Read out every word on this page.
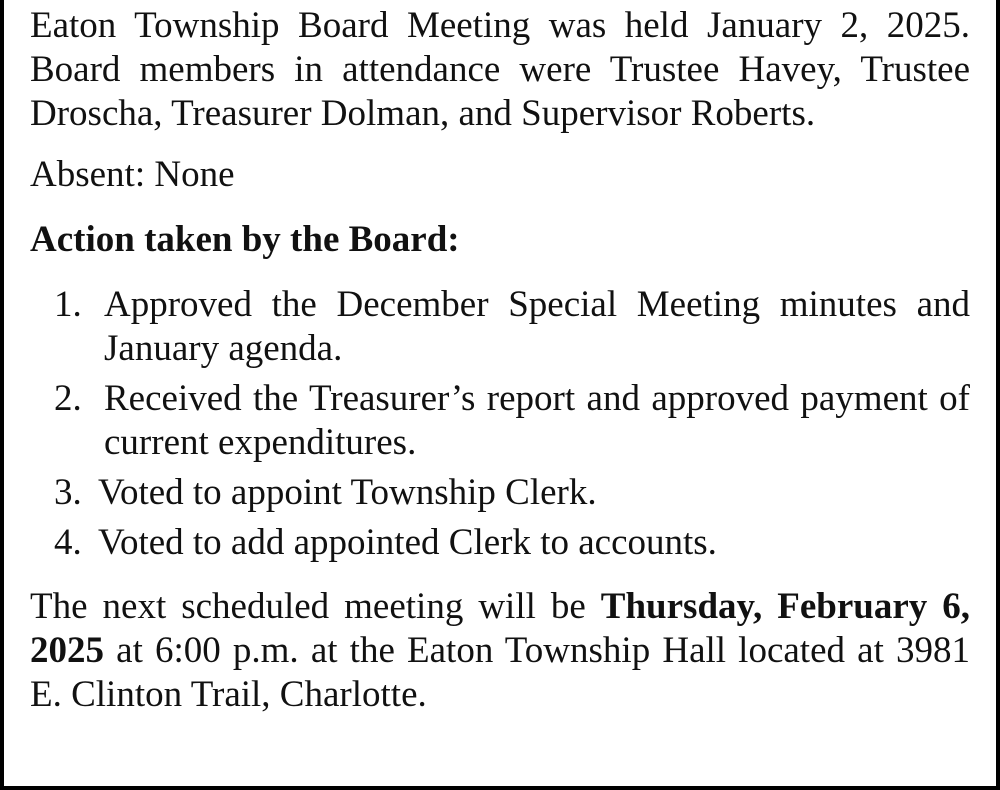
Eaton Township Board Meeting was held January 2, 2025. Board members in attendance were Trustee Havey, Trustee Droscha, Treasurer Dolman, and Supervisor Roberts.

Absent: None

Action taken by the Board:

1. Approved the December Special Meeting minutes and January agenda.
2. Received the Treasurer’s report and approved payment of current expenditures.
3. Voted to appoint Township Clerk.
4. Voted to add appointed Clerk to accounts.

The next scheduled meeting will be Thursday, February 6, 2025 at 6:00 p.m. at the Eaton Township Hall located at 3981 E. Clinton Trail, Charlotte.
